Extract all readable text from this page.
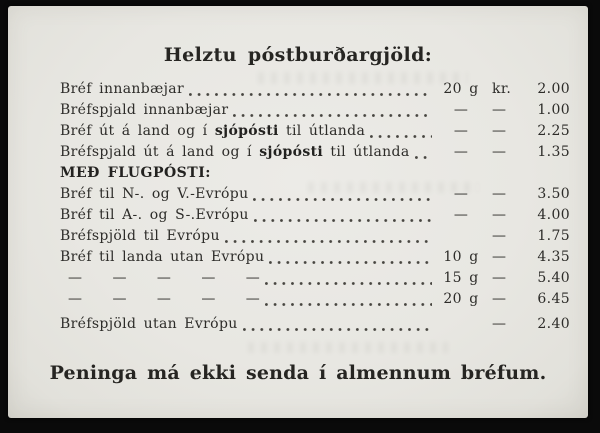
Helztu póstburðargjöld:
Bréf innanbæjar	20 g kr. 2.00
Bréfspjald innanbæjar	—	— 1.00
Bréf út á land og í sjópósti til útlanda	—	— 2.25
Bréfspjald út á land og í sjópósti til útlanda	—	— 1.35
MEÐ FLUGPÓSTI:
Bréf til N-. og V.-Evrópu	—	— 3.50
Bréf til A-. og S-.Evrópu	—	— 4.00
Bréfspjöld til Evrópu	— 1.75
Bréf til landa utan Evrópu	10 g — 4.35
— — — — —	15 g — 5.40
— — — — —	20 g — 6.45
Bréfspjöld utan Evrópu	— 2.40
Peninga má ekki senda í almennum bréfum.
